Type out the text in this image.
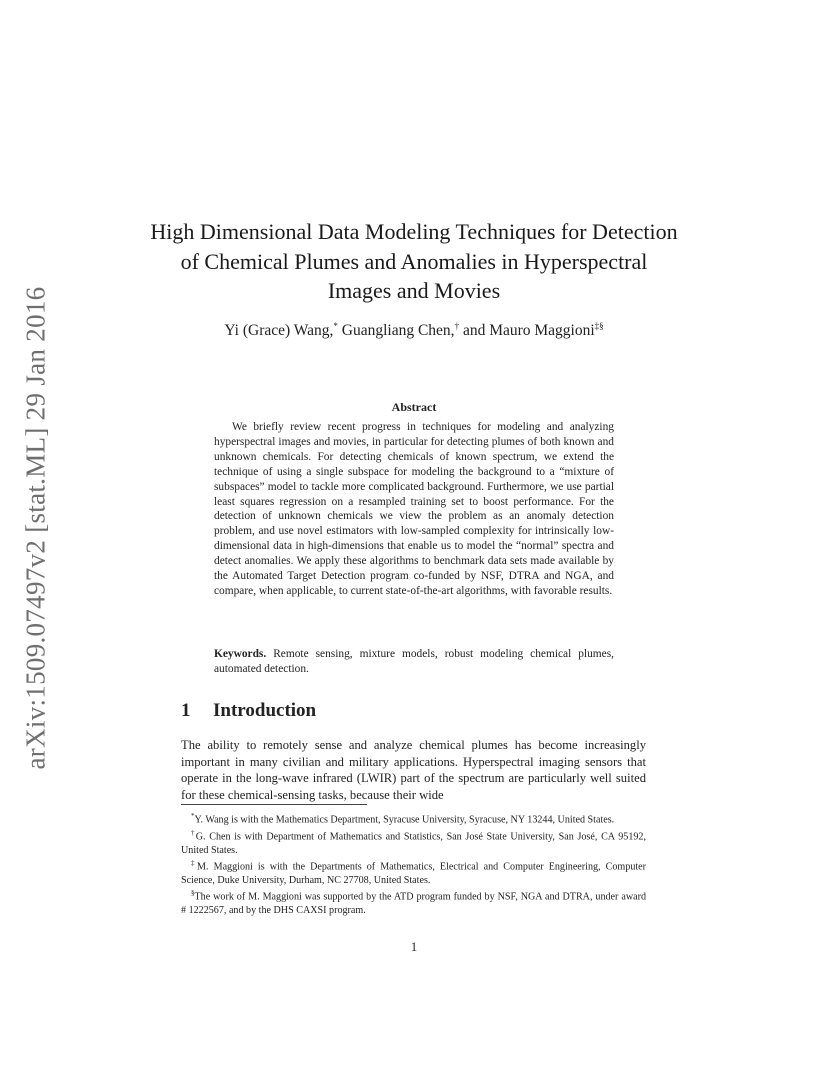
arXiv:1509.07497v2 [stat.ML] 29 Jan 2016
High Dimensional Data Modeling Techniques for Detection of Chemical Plumes and Anomalies in Hyperspectral Images and Movies
Yi (Grace) Wang,* Guangliang Chen,† and Mauro Maggioni‡§
Abstract
We briefly review recent progress in techniques for modeling and analyzing hyperspectral images and movies, in particular for detecting plumes of both known and unknown chemicals. For detecting chemicals of known spectrum, we extend the technique of using a single subspace for modeling the background to a “mixture of subspaces” model to tackle more complicated background. Furthermore, we use partial least squares regression on a resampled training set to boost performance. For the detection of unknown chemicals we view the problem as an anomaly detection problem, and use novel estimators with low-sampled complexity for intrinsically low-dimensional data in high-dimensions that enable us to model the “normal” spectra and detect anomalies. We apply these algorithms to benchmark data sets made available by the Automated Target Detection program co-funded by NSF, DTRA and NGA, and compare, when applicable, to current state-of-the-art algorithms, with favorable results.
Keywords. Remote sensing, mixture models, robust modeling chemical plumes, automated detection.
1 Introduction
The ability to remotely sense and analyze chemical plumes has become increasingly important in many civilian and military applications. Hyperspectral imaging sensors that operate in the long-wave infrared (LWIR) part of the spectrum are particularly well suited for these chemical-sensing tasks, because their wide
*Y. Wang is with the Mathematics Department, Syracuse University, Syracuse, NY 13244, United States.
†G. Chen is with Department of Mathematics and Statistics, San José State University, San José, CA 95192, United States.
‡M. Maggioni is with the Departments of Mathematics, Electrical and Computer Engineering, Computer Science, Duke University, Durham, NC 27708, United States.
§The work of M. Maggioni was supported by the ATD program funded by NSF, NGA and DTRA, under award # 1222567, and by the DHS CAXSI program.
1
